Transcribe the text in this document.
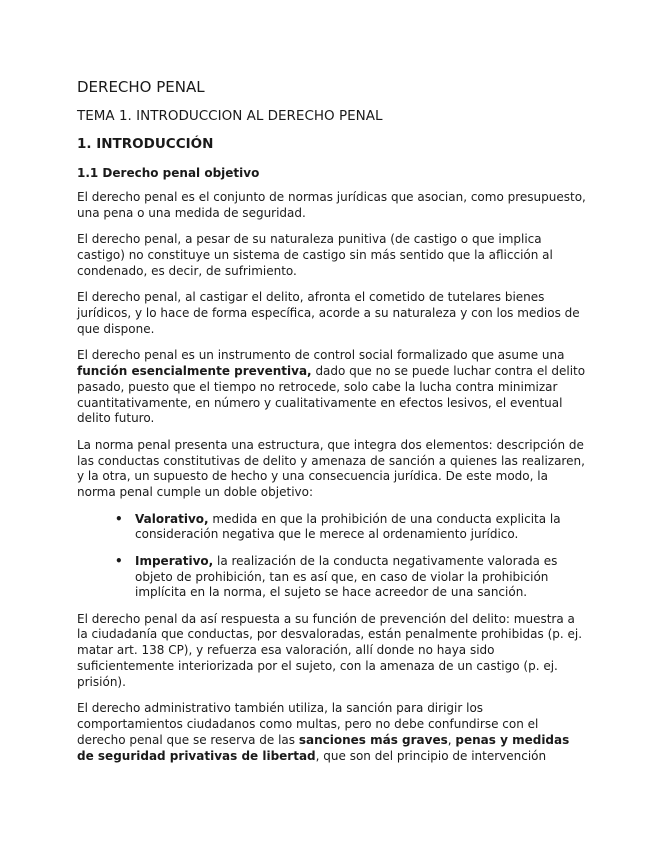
DERECHO PENAL
TEMA 1. INTRODUCCION AL DERECHO PENAL
1. INTRODUCCIÓN
1.1 Derecho penal objetivo

El derecho penal es el conjunto de normas jurídicas que asocian, como presupuesto,
una pena o una medida de seguridad.

El derecho penal, a pesar de su naturaleza punitiva (de castigo o que implica
castigo) no constituye un sistema de castigo sin más sentido que la aflicción al
condenado, es decir, de sufrimiento.

El derecho penal, al castigar el delito, afronta el cometido de tutelares bienes
jurídicos, y lo hace de forma específica, acorde a su naturaleza y con los medios de
que dispone.

El derecho penal es un instrumento de control social formalizado que asume una
función esencialmente preventiva, dado que no se puede luchar contra el delito
pasado, puesto que el tiempo no retrocede, solo cabe la lucha contra minimizar
cuantitativamente, en número y cualitativamente en efectos lesivos, el eventual
delito futuro.

La norma penal presenta una estructura, que integra dos elementos: descripción de
las conductas constitutivas de delito y amenaza de sanción a quienes las realizaren,
y la otra, un supuesto de hecho y una consecuencia jurídica. De este modo, la
norma penal cumple un doble objetivo:

• Valorativo, medida en que la prohibición de una conducta explicita la
consideración negativa que le merece al ordenamiento jurídico.
• Imperativo, la realización de la conducta negativamente valorada es
objeto de prohibición, tan es así que, en caso de violar la prohibición
implícita en la norma, el sujeto se hace acreedor de una sanción.

El derecho penal da así respuesta a su función de prevención del delito: muestra a
la ciudadanía que conductas, por desvaloradas, están penalmente prohibidas (p. ej.
matar art. 138 CP), y refuerza esa valoración, allí donde no haya sido
suficientemente interiorizada por el sujeto, con la amenaza de un castigo (p. ej.
prisión).

El derecho administrativo también utiliza, la sanción para dirigir los
comportamientos ciudadanos como multas, pero no debe confundirse con el
derecho penal que se reserva de las sanciones más graves, penas y medidas
de seguridad privativas de libertad, que son del principio de intervención
